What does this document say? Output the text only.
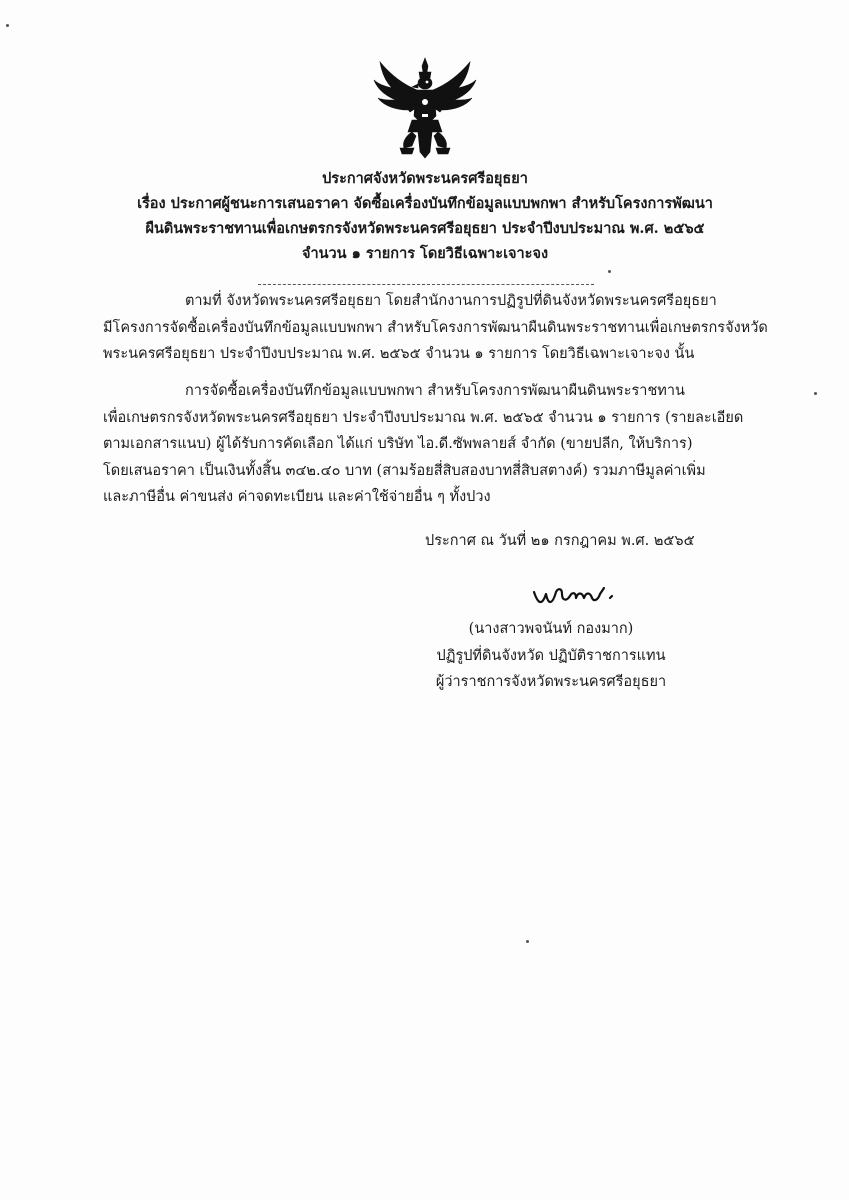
ประกาศจังหวัดพระนครศรีอยุธยา
เรื่อง ประกาศผู้ชนะการเสนอราคา จัดซื้อเครื่องบันทึกข้อมูลแบบพกพา สำหรับโครงการพัฒนา
ผืนดินพระราชทานเพื่อเกษตรกรจังหวัดพระนครศรีอยุธยา ประจำปีงบประมาณ พ.ศ. ๒๕๖๕
จำนวน ๑ รายการ โดยวิธีเฉพาะเจาะจง
ตามที่ จังหวัดพระนครศรีอยุธยา โดยสำนักงานการปฏิรูปที่ดินจังหวัดพระนครศรีอยุธยา
มีโครงการจัดซื้อเครื่องบันทึกข้อมูลแบบพกพา สำหรับโครงการพัฒนาผืนดินพระราชทานเพื่อเกษตรกรจังหวัด
พระนครศรีอยุธยา ประจำปีงบประมาณ พ.ศ. ๒๕๖๕ จำนวน ๑ รายการ โดยวิธีเฉพาะเจาะจง นั้น
การจัดซื้อเครื่องบันทึกข้อมูลแบบพกพา สำหรับโครงการพัฒนาผืนดินพระราชทาน
เพื่อเกษตรกรจังหวัดพระนครศรีอยุธยา ประจำปีงบประมาณ พ.ศ. ๒๕๖๕ จำนวน ๑ รายการ (รายละเอียด
ตามเอกสารแนบ) ผู้ได้รับการคัดเลือก ได้แก่ บริษัท ไอ.ดี.ซัพพลายส์ จำกัด (ขายปลีก, ให้บริการ)
โดยเสนอราคา เป็นเงินทั้งสิ้น ๓๔๒.๔๐ บาท (สามร้อยสี่สิบสองบาทสี่สิบสตางค์) รวมภาษีมูลค่าเพิ่ม
และภาษีอื่น ค่าขนส่ง ค่าจดทะเบียน และค่าใช้จ่ายอื่น ๆ ทั้งปวง
ประกาศ ณ วันที่ ๒๑ กรกฎาคม พ.ศ. ๒๕๖๕
(นางสาวพจนันท์ กองมาก)
ปฏิรูปที่ดินจังหวัด ปฏิบัติราชการแทน
ผู้ว่าราชการจังหวัดพระนครศรีอยุธยา
